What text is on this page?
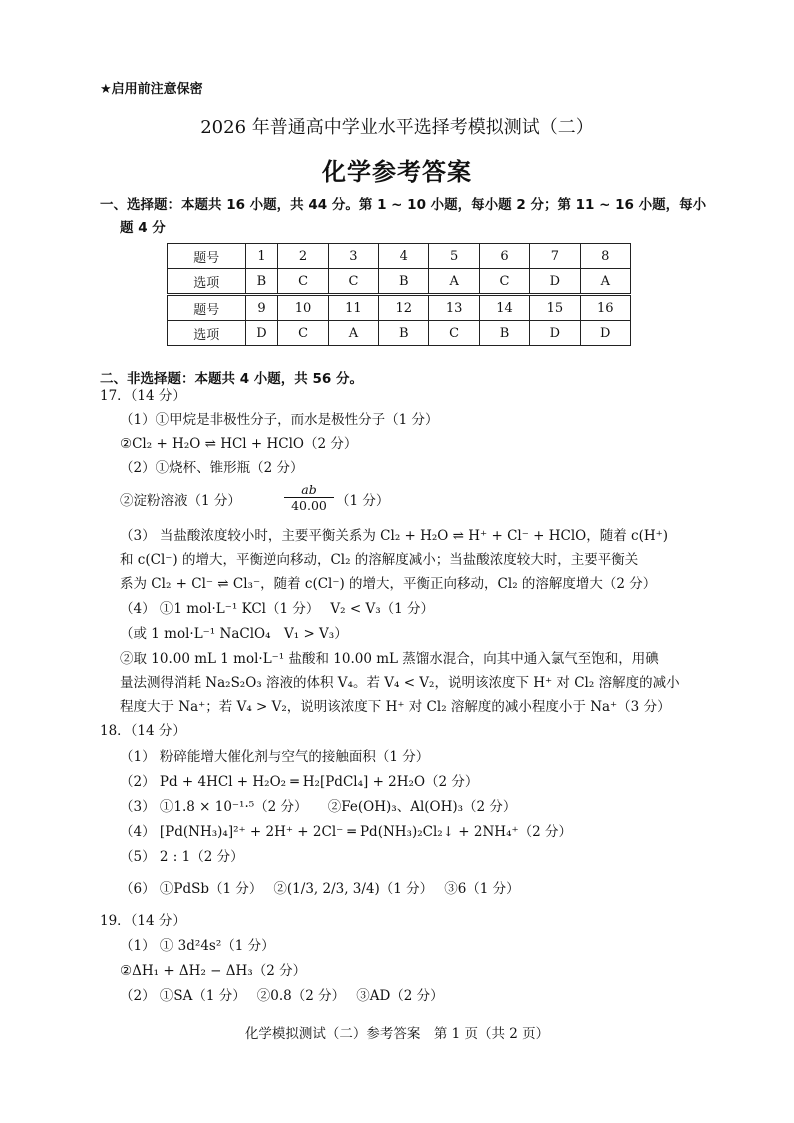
★启用前注意保密
2026 年普通高中学业水平选择考模拟测试（二）
化学参考答案
一、选择题：本题共 16 小题，共 44 分。第 1 ~ 10 小题，每小题 2 分；第 11 ~ 16 小题，每小
题 4 分
题号	1	2	3	4	5	6	7	8
选项	B	C	C	B	A	C	D	A
题号	9	10	11	12	13	14	15	16
选项	D	C	A	B	C	B	D	D
二、非选择题：本题共 4 小题，共 56 分。
17．（14 分）
（1）①甲烷是非极性分子，而水是极性分子（1 分）
②Cl₂ + H₂O ⇌ HCl + HClO（2 分）
（2）①烧杯、锥形瓶（2 分）
②淀粉溶液（1 分）	$\frac{ab}{40.00} (1$ 分）
（3） 当盐酸浓度较小时，主要平衡关系为 Cl₂ + H₂O ⇌ H⁺ + Cl⁻ + HClO，随着 c(H⁺)
和 c(Cl⁻) 的增大，平衡逆向移动，Cl₂ 的溶解度减小；当盐酸浓度较大时，主要平衡关
系为 Cl₂ + Cl⁻ ⇌ Cl₃⁻，随着 c(Cl⁻) 的增大，平衡正向移动，Cl₂ 的溶解度增大（2 分）
（4） ①1 mol·L⁻¹ KCl（1 分）　 V₂ < V₃（1 分）
（或 1 mol·L⁻¹ NaClO₄　V₁ > V₃）
②取 10.00 mL 1 mol·L⁻¹ 盐酸和 10.00 mL 蒸馏水混合，向其中通入氯气至饱和，用碘
量法测得消耗 Na₂S₂O₃ 溶液的体积 V₄。若 V₄ < V₂，说明该浓度下 H⁺ 对 Cl₂ 溶解度的减小
程度大于 Na⁺；若 V₄ > V₂，说明该浓度下 H⁺ 对 Cl₂ 溶解度的减小程度小于 Na⁺（3 分）
18．（14 分）
（1） 粉碎能增大催化剂与空气的接触面积（1 分）
（2） Pd + 4HCl + H₂O₂ ═ H₂[PdCl₄] + 2H₂O（2 分）
（3） ①1.8 × 10⁻¹·⁵（2 分）　　②Fe(OH)₃、Al(OH)₃（2 分）
（4） [Pd(NH₃)₄]²⁺ + 2H⁺ + 2Cl⁻ ═ Pd(NH₃)₂Cl₂↓ + 2NH₄⁺（2 分）
（5） 2 : 1（2 分）
（6） ①PdSb（1 分）　 ②(1/3, 2/3, 3/4)（1 分）　 ③6（1 分）
19．（14 分）
（1） ① 3d²4s²（1 分）
②ΔH₁ + ΔH₂ − ΔH₃（2 分）
（2） ①SA（1 分）　 ②0.8（2 分）　 ③AD（2 分）
化学模拟测试（二）参考答案　第 1 页（共 2 页）
